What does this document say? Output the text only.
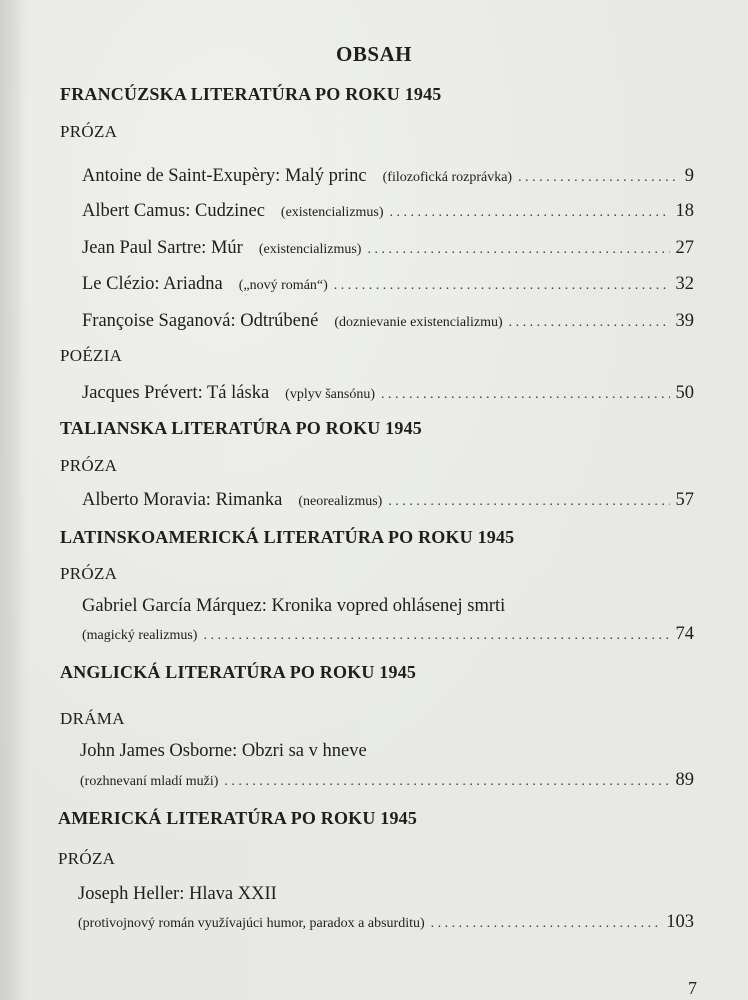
OBSAH
FRANCÚZSKA LITERATÚRA PO ROKU 1945
PRÓZA
Antoine de Saint-Exupèry: Malý princ (filozofická rozprávka) . . .	9
Albert Camus: Cudzinec (existencializmus) . . .	18
Jean Paul Sartre: Múr (existencializmus) . . .	27
Le Clézio: Ariadna („nový román“) . . .	32
Françoise Saganová: Odtrúbené (doznievanie existencializmu) . . .	39
POÉZIA
Jacques Prévert: Tá láska (vplyv šansónu) . . .	50
TALIANSKA LITERATÚRA PO ROKU 1945
PRÓZA
Alberto Moravia: Rimanka (neorealizmus) . . .	57
LATINSKOAMERICKÁ LITERATÚRA PO ROKU 1945
PRÓZA
Gabriel García Márquez: Kronika vopred ohlásenej smrti
(magický realizmus) . . .	74
ANGLICKÁ LITERATÚRA PO ROKU 1945
DRÁMA
John James Osborne: Obzri sa v hneve
(rozhnevaní mladí muži) . . .	89
AMERICKÁ LITERATÚRA PO ROKU 1945
PRÓZA
Joseph Heller: Hlava XXII
(protivojnový román využívajúci humor, paradox a absurditu) . . .	103
7
